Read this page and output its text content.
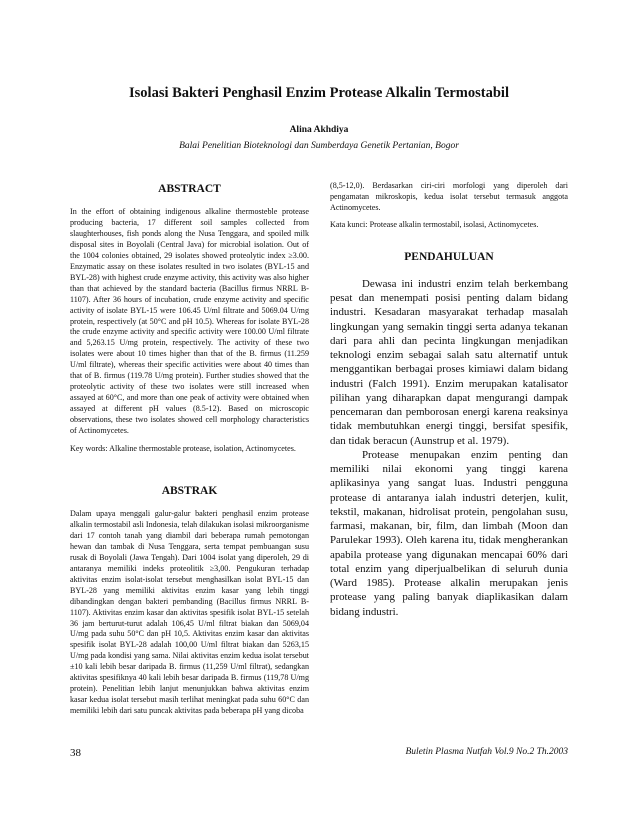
Isolasi Bakteri Penghasil Enzim Protease Alkalin Termostabil
Alina Akhdiya
Balai Penelitian Bioteknologi dan Sumberdaya Genetik Pertanian, Bogor

ABSTRACT

In the effort of obtaining indigenous alkaline thermosteble protease producing bacteria, 17 different soil samples collected from slaughterhouses, fish ponds along the Nusa Tenggara, and spoiled milk disposal sites in Boyolali (Central Java) for microbial isolation. Out of the 1004 colonies obtained, 29 isolates showed proteolytic index ≥3.00. Enzymatic assay on these isolates resulted in two isolates (BYL-15 and BYL-28) with highest crude enzyme activity, this activity was also higher than that achieved by the standard bacteria (Bacillus firmus NRRL B-1107). After 36 hours of incubation, crude enzyme activity and specific activity of isolate BYL-15 were 106.45 U/ml filtrate and 5069.04 U/mg protein, respectively (at 50°C and pH 10.5). Whereas for isolate BYL-28 the crude enzyme activity and specific activity were 100.00 U/ml filtrate and 5,263.15 U/mg protein, respectively. The activity of these two isolates were about 10 times higher than that of the B. firmus (11.259 U/ml filtrate), whereas their specific activities were about 40 times than that of B. firmus (119.78 U/mg protein). Further studies showed that the proteolytic activity of these two isolates were still increased when assayed at 60°C, and more than one peak of activity were obtained when assayed at different pH values (8.5-12). Based on microscopic observations, these two isolates showed cell morphology characteristics of Actinomycetes.

Key words: Alkaline thermostable protease, isolation, Actinomycetes.

ABSTRAK

Dalam upaya menggali galur-galur bakteri penghasil enzim protease alkalin termostabil asli Indonesia, telah dilakukan isolasi mikroorganisme dari 17 contoh tanah yang diambil dari beberapa rumah pemotongan hewan dan tambak di Nusa Tenggara, serta tempat pembuangan susu rusak di Boyolali (Jawa Tengah). Dari 1004 isolat yang diperoleh, 29 di antaranya memiliki indeks proteolitik ≥3,00. Pengukuran terhadap aktivitas enzim isolat-isolat tersebut menghasilkan isolat BYL-15 dan BYL-28 yang memiliki aktivitas enzim kasar yang lebih tinggi dibandingkan dengan bakteri pembanding (Bacillus firmus NRRL B-1107). Aktivitas enzim kasar dan aktivitas spesifik isolat BYL-15 setelah 36 jam berturut-turut adalah 106,45 U/ml filtrat biakan dan 5069,04 U/mg pada suhu 50°C dan pH 10,5. Aktivitas enzim kasar dan aktivitas spesifik isolat BYL-28 adalah 100,00 U/ml filtrat biakan dan 5263,15 U/mg pada kondisi yang sama. Nilai aktivitas enzim kedua isolat tersebut ±10 kali lebih besar daripada B. firmus (11,259 U/ml filtrat), sedangkan aktivitas spesifiknya 40 kali lebih besar daripada B. firmus (119,78 U/mg protein). Penelitian lebih lanjut menunjukkan bahwa aktivitas enzim kasar kedua isolat tersebut masih terlihat meningkat pada suhu 60°C dan memiliki lebih dari satu puncak aktivitas pada beberapa pH yang dicoba

(8,5-12,0). Berdasarkan ciri-ciri morfologi yang diperoleh dari pengamatan mikroskopis, kedua isolat tersebut termasuk anggota Actinomycetes.

Kata kunci: Protease alkalin termostabil, isolasi, Actinomycetes.

PENDAHULUAN

Dewasa ini industri enzim telah berkembang pesat dan menempati posisi penting dalam bidang industri. Kesadaran masyarakat terhadap masalah lingkungan yang semakin tinggi serta adanya tekanan dari para ahli dan pecinta lingkungan menjadikan teknologi enzim sebagai salah satu alternatif untuk menggantikan berbagai proses kimiawi dalam bidang industri (Falch 1991). Enzim merupakan katalisator pilihan yang diharapkan dapat mengurangi dampak pencemaran dan pemborosan energi karena reaksinya tidak membutuhkan energi tinggi, bersifat spesifik, dan tidak beracun (Aunstrup et al. 1979).

Protease menupakan enzim penting dan memiliki nilai ekonomi yang tinggi karena aplikasinya yang sangat luas. Industri pengguna protease di antaranya ialah industri deterjen, kulit, tekstil, makanan, hidrolisat protein, pengolahan susu, farmasi, makanan, bir, film, dan limbah (Moon dan Parulekar 1993). Oleh karena itu, tidak mengherankan apabila protease yang digunakan mencapai 60% dari total enzim yang diperjualbelikan di seluruh dunia (Ward 1985). Protease alkalin merupakan jenis protease yang paling banyak diaplikasikan dalam bidang industri.

38	Buletin Plasma Nutfah Vol.9 No.2 Th.2003
